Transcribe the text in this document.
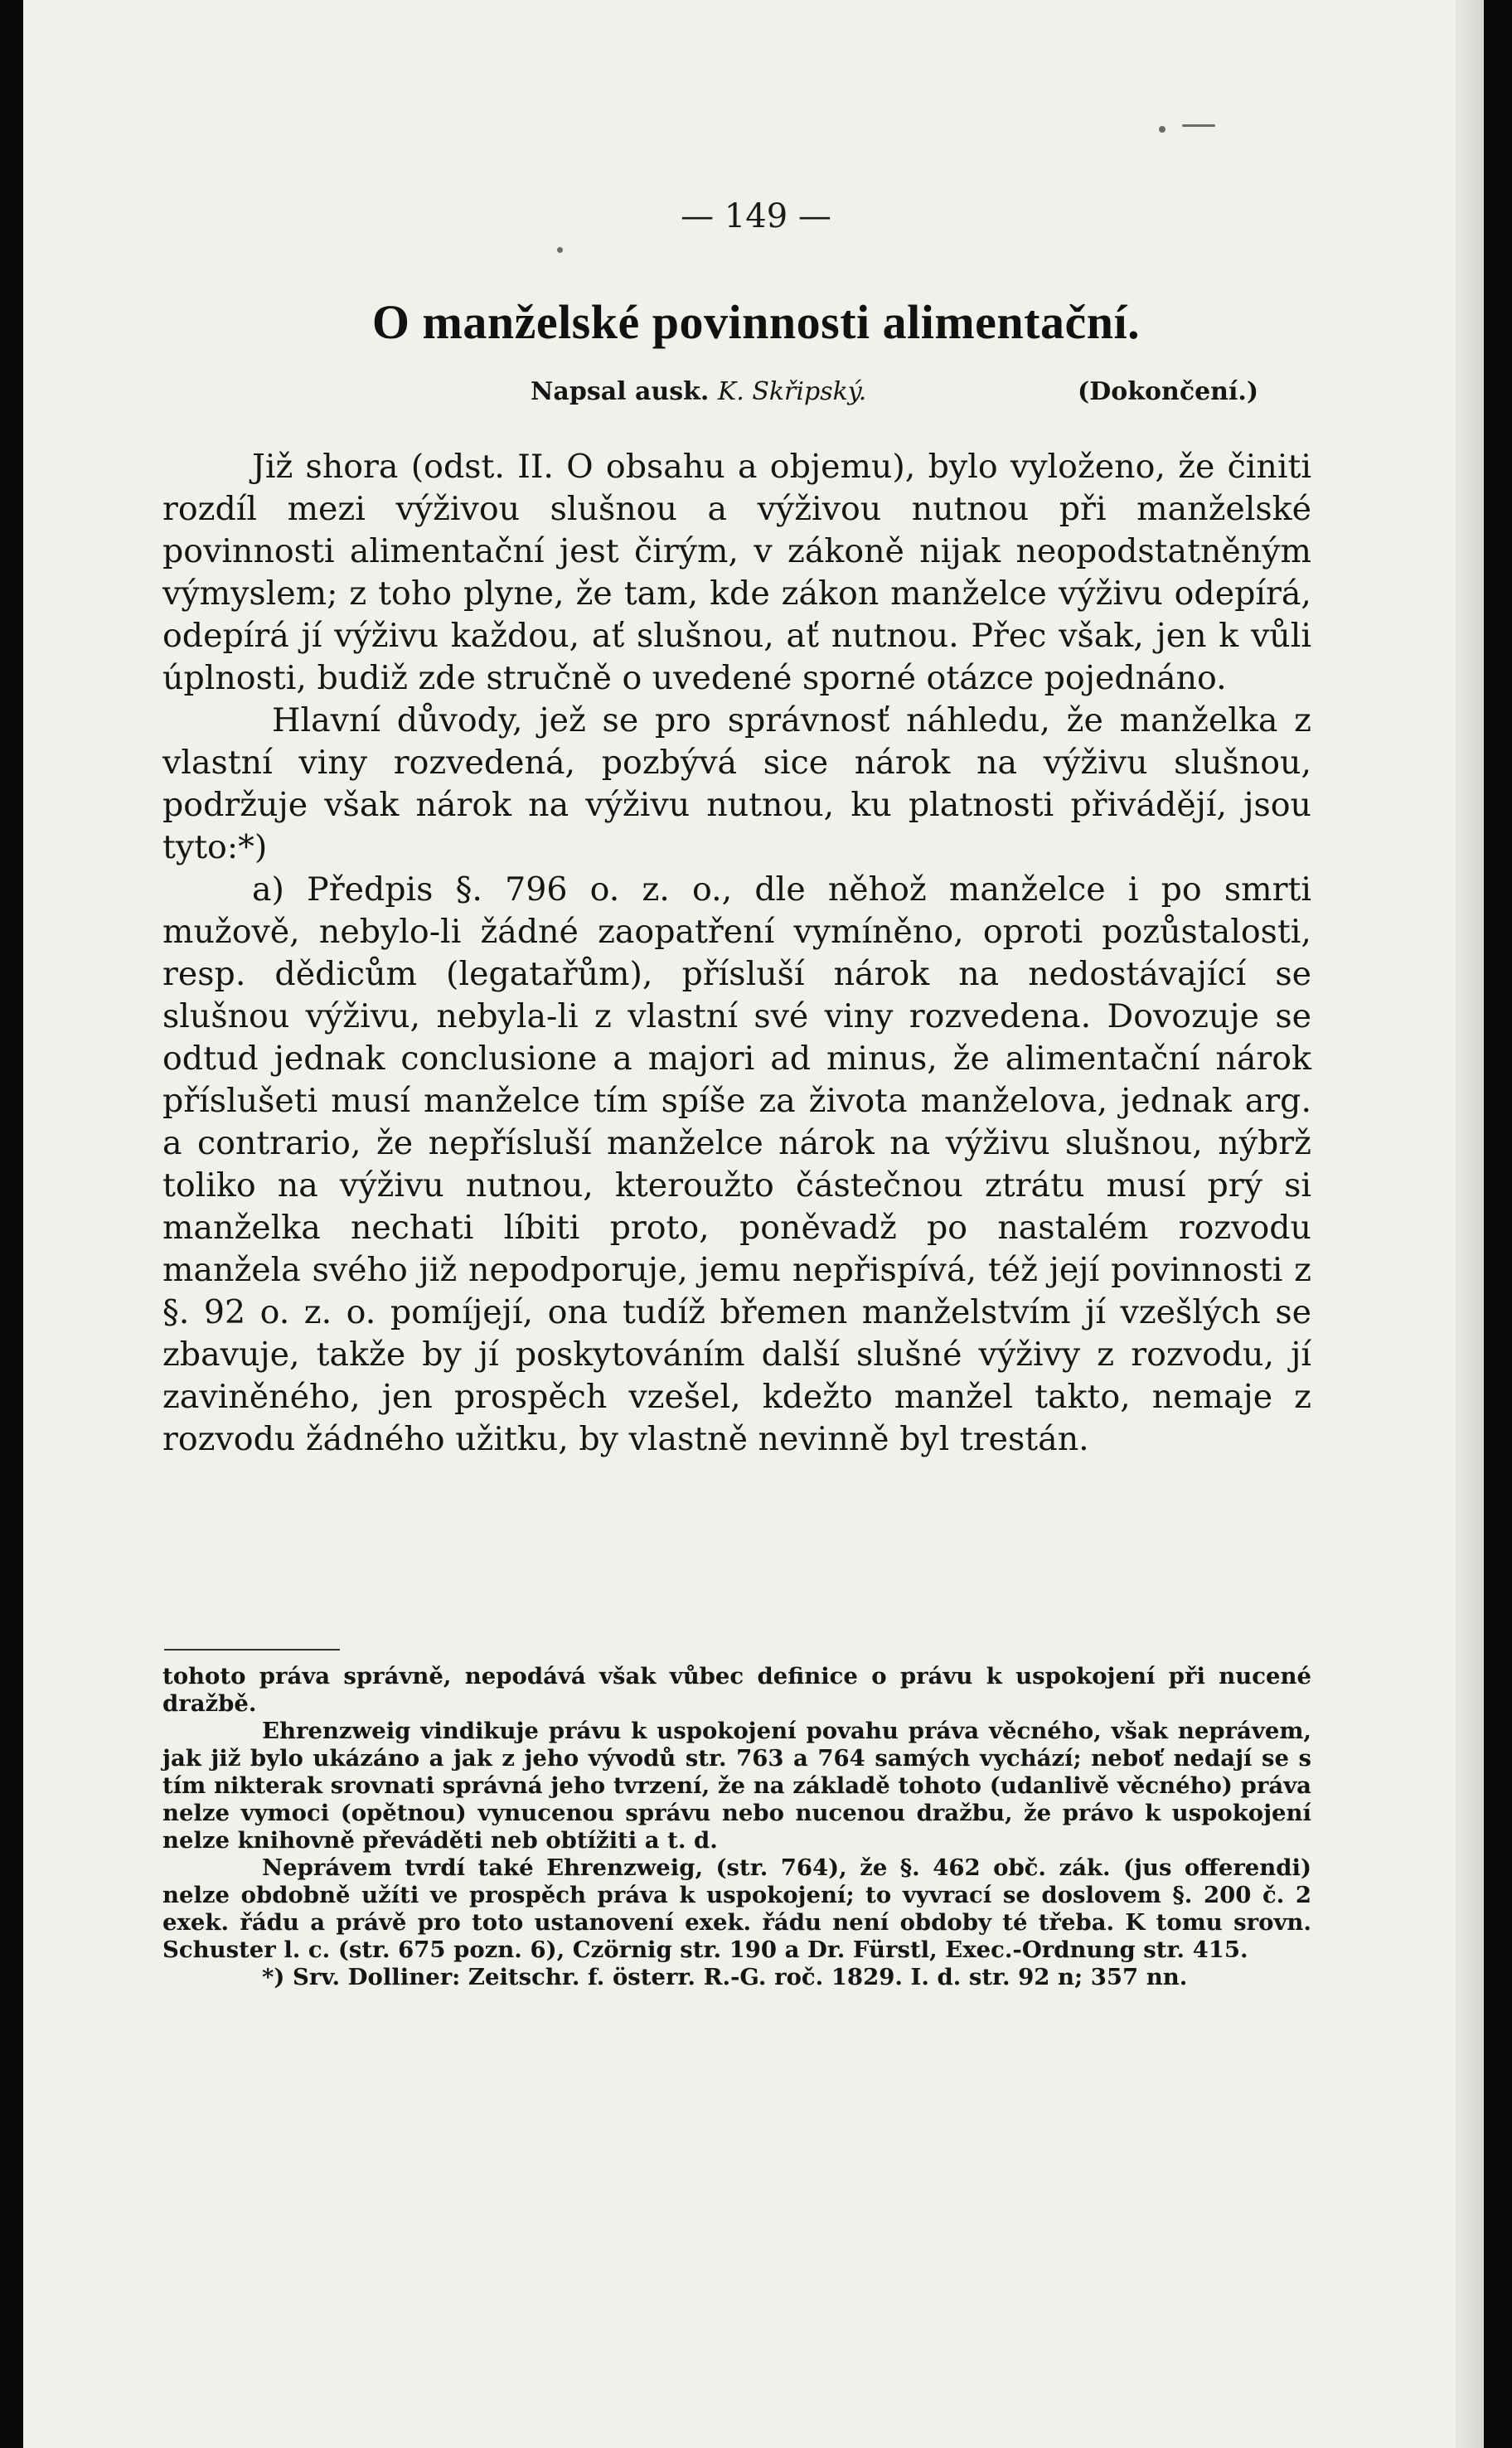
— 149 —
O manželské povinnosti alimentační.
Napsal ausk. K. Skřipský.	(Dokončení.)

Již shora (odst. II. O obsahu a objemu), bylo vyloženo, že činiti rozdíl mezi výživou slušnou a výživou nutnou při manželské povinnosti alimentační jest čirým, v zákoně nijak neopodstatněným výmyslem; z toho plyne, že tam, kde zákon manželce výživu odepírá, odepírá jí výživu každou, ať slušnou, ať nutnou. Přec však, jen k vůli úplnosti, budiž zde stručně o uvedené sporné otázce pojednáno.

Hlavní důvody, jež se pro správnosť náhledu, že manželka z vlastní viny rozvedená, pozbývá sice nárok na výživu slušnou, podržuje však nárok na výživu nutnou, ku platnosti přivádějí, jsou tyto:*)

a) Předpis §. 796 o. z. o., dle něhož manželce i po smrti mužově, nebylo-li žádné zaopatření vymíněno, oproti pozůstalosti, resp. dědicům (legatařům), přísluší nárok na nedostávající se slušnou výživu, nebyla-li z vlastní své viny rozvedena. Dovozuje se odtud jednak conclusione a majori ad minus, že alimentační nárok příslušeti musí manželce tím spíše za života manželova, jednak arg. a contrario, že nepřísluší manželce nárok na výživu slušnou, nýbrž toliko na výživu nutnou, kteroužto částečnou ztrátu musí prý si manželka nechati líbiti proto, poněvadž po nastalém rozvodu manžela svého již nepodporuje, jemu nepřispívá, též její povinnosti z §. 92 o. z. o. pomíjejí, ona tudíž břemen manželstvím jí vzešlých se zbavuje, takže by jí poskytováním další slušné výživy z rozvodu, jí zaviněného, jen prospěch vzešel, kdežto manžel takto, nemaje z rozvodu žádného užitku, by vlastně nevinně byl trestán.

tohoto práva správně, nepodává však vůbec definice o právu k uspokojení při nucené dražbě.

Ehrenzweig vindikuje právu k uspokojení povahu práva věcného, však neprávem, jak již bylo ukázáno a jak z jeho vývodů str. 763 a 764 samých vychází; neboť nedají se s tím nikterak srovnati správná jeho tvrzení, že na základě tohoto (udanlivě věcného) práva nelze vymoci (opětnou) vynucenou správu nebo nucenou dražbu, že právo k uspokojení nelze knihovně převáděti neb obtížiti a t. d.

Neprávem tvrdí také Ehrenzweig, (str. 764), že §. 462 obč. zák. (jus offerendi) nelze obdobně užíti ve prospěch práva k uspokojení; to vyvrací se doslovem §. 200 č. 2 exek. řádu a právě pro toto ustanovení exek. řádu není obdoby té třeba. K tomu srovn. Schuster l. c. (str. 675 pozn. 6), Czörnig str. 190 a Dr. Fürstl, Exec.-Ordnung str. 415.

*) Srv. Dolliner: Zeitschr. f. österr. R.-G. roč. 1829. I. d. str. 92 n; 357 nn.
